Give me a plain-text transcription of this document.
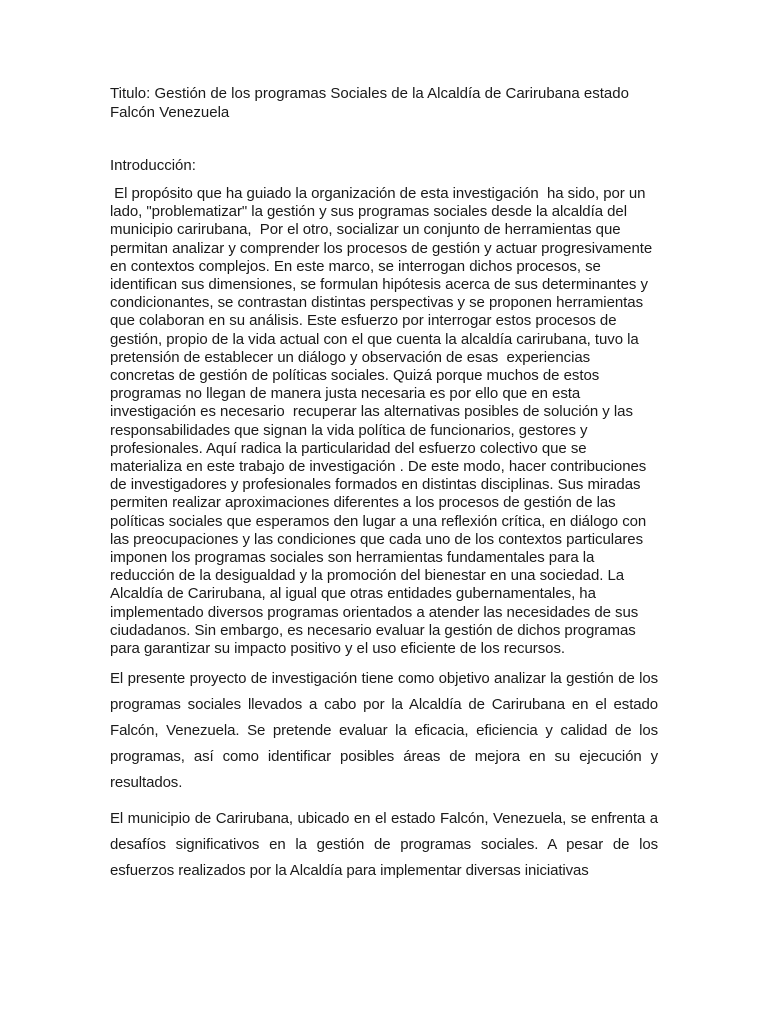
Titulo: Gestión de los programas Sociales de la Alcaldía de Carirubana estado Falcón Venezuela
Introducción:

El propósito que ha guiado la organización de esta investigación  ha sido, por un lado, "problematizar" la gestión y sus programas sociales desde la alcaldía del municipio carirubana,  Por el otro, socializar un conjunto de herramientas que permitan analizar y comprender los procesos de gestión y actuar progresivamente en contextos complejos. En este marco, se interrogan dichos procesos, se identifican sus dimensiones, se formulan hipótesis acerca de sus determinantes y condicionantes, se contrastan distintas perspectivas y se proponen herramientas que colaboran en su análisis. Este esfuerzo por interrogar estos procesos de gestión, propio de la vida actual con el que cuenta la alcaldía carirubana, tuvo la pretensión de establecer un diálogo y observación de esas  experiencias concretas de gestión de políticas sociales. Quizá porque muchos de estos programas no llegan de manera justa necesaria es por ello que en esta investigación es necesario  recuperar las alternativas posibles de solución y las responsabilidades que signan la vida política de funcionarios, gestores y profesionales. Aquí radica la particularidad del esfuerzo colectivo que se materializa en este trabajo de investigación . De este modo, hacer contribuciones de investigadores y profesionales formados en distintas disciplinas. Sus miradas permiten realizar aproximaciones diferentes a los procesos de gestión de las políticas sociales que esperamos den lugar a una reflexión crítica, en diálogo con las preocupaciones y las condiciones que cada uno de los contextos particulares imponen los programas sociales son herramientas fundamentales para la reducción de la desigualdad y la promoción del bienestar en una sociedad. La Alcaldía de Carirubana, al igual que otras entidades gubernamentales, ha implementado diversos programas orientados a atender las necesidades de sus ciudadanos. Sin embargo, es necesario evaluar la gestión de dichos programas para garantizar su impacto positivo y el uso eficiente de los recursos.

El presente proyecto de investigación tiene como objetivo analizar la gestión de los programas sociales llevados a cabo por la Alcaldía de Carirubana en el estado Falcón, Venezuela. Se pretende evaluar la eficacia, eficiencia y calidad de los programas, así como identificar posibles áreas de mejora en su ejecución y resultados.

El municipio de Carirubana, ubicado en el estado Falcón, Venezuela, se enfrenta a desafíos significativos en la gestión de programas sociales. A pesar de los esfuerzos realizados por la Alcaldía para implementar diversas iniciativas
